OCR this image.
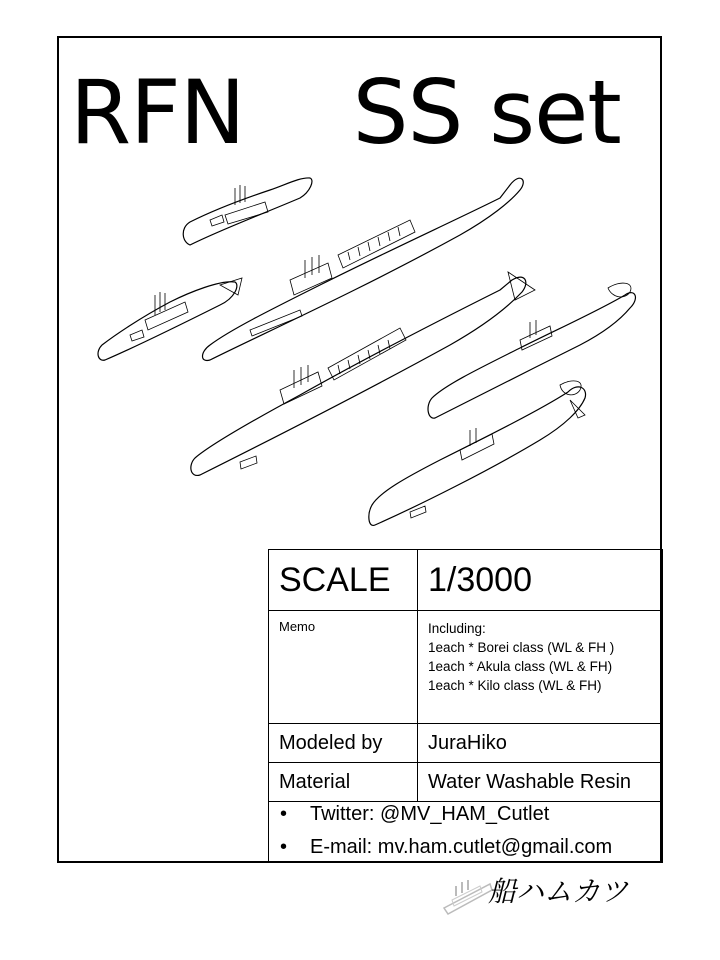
RFN SS set
SCALE	1/3000
Memo	Including:
1each * Borei class (WL & FH )
1each * Akula class (WL & FH)
1each * Kilo class (WL & FH)

Modeled by	JuraHiko
Material	Water Washable Resin
• Twitter: @MV_HAM_Cutlet
• E-mail: mv.ham.cutlet@gmail.com
船ハムカツ
